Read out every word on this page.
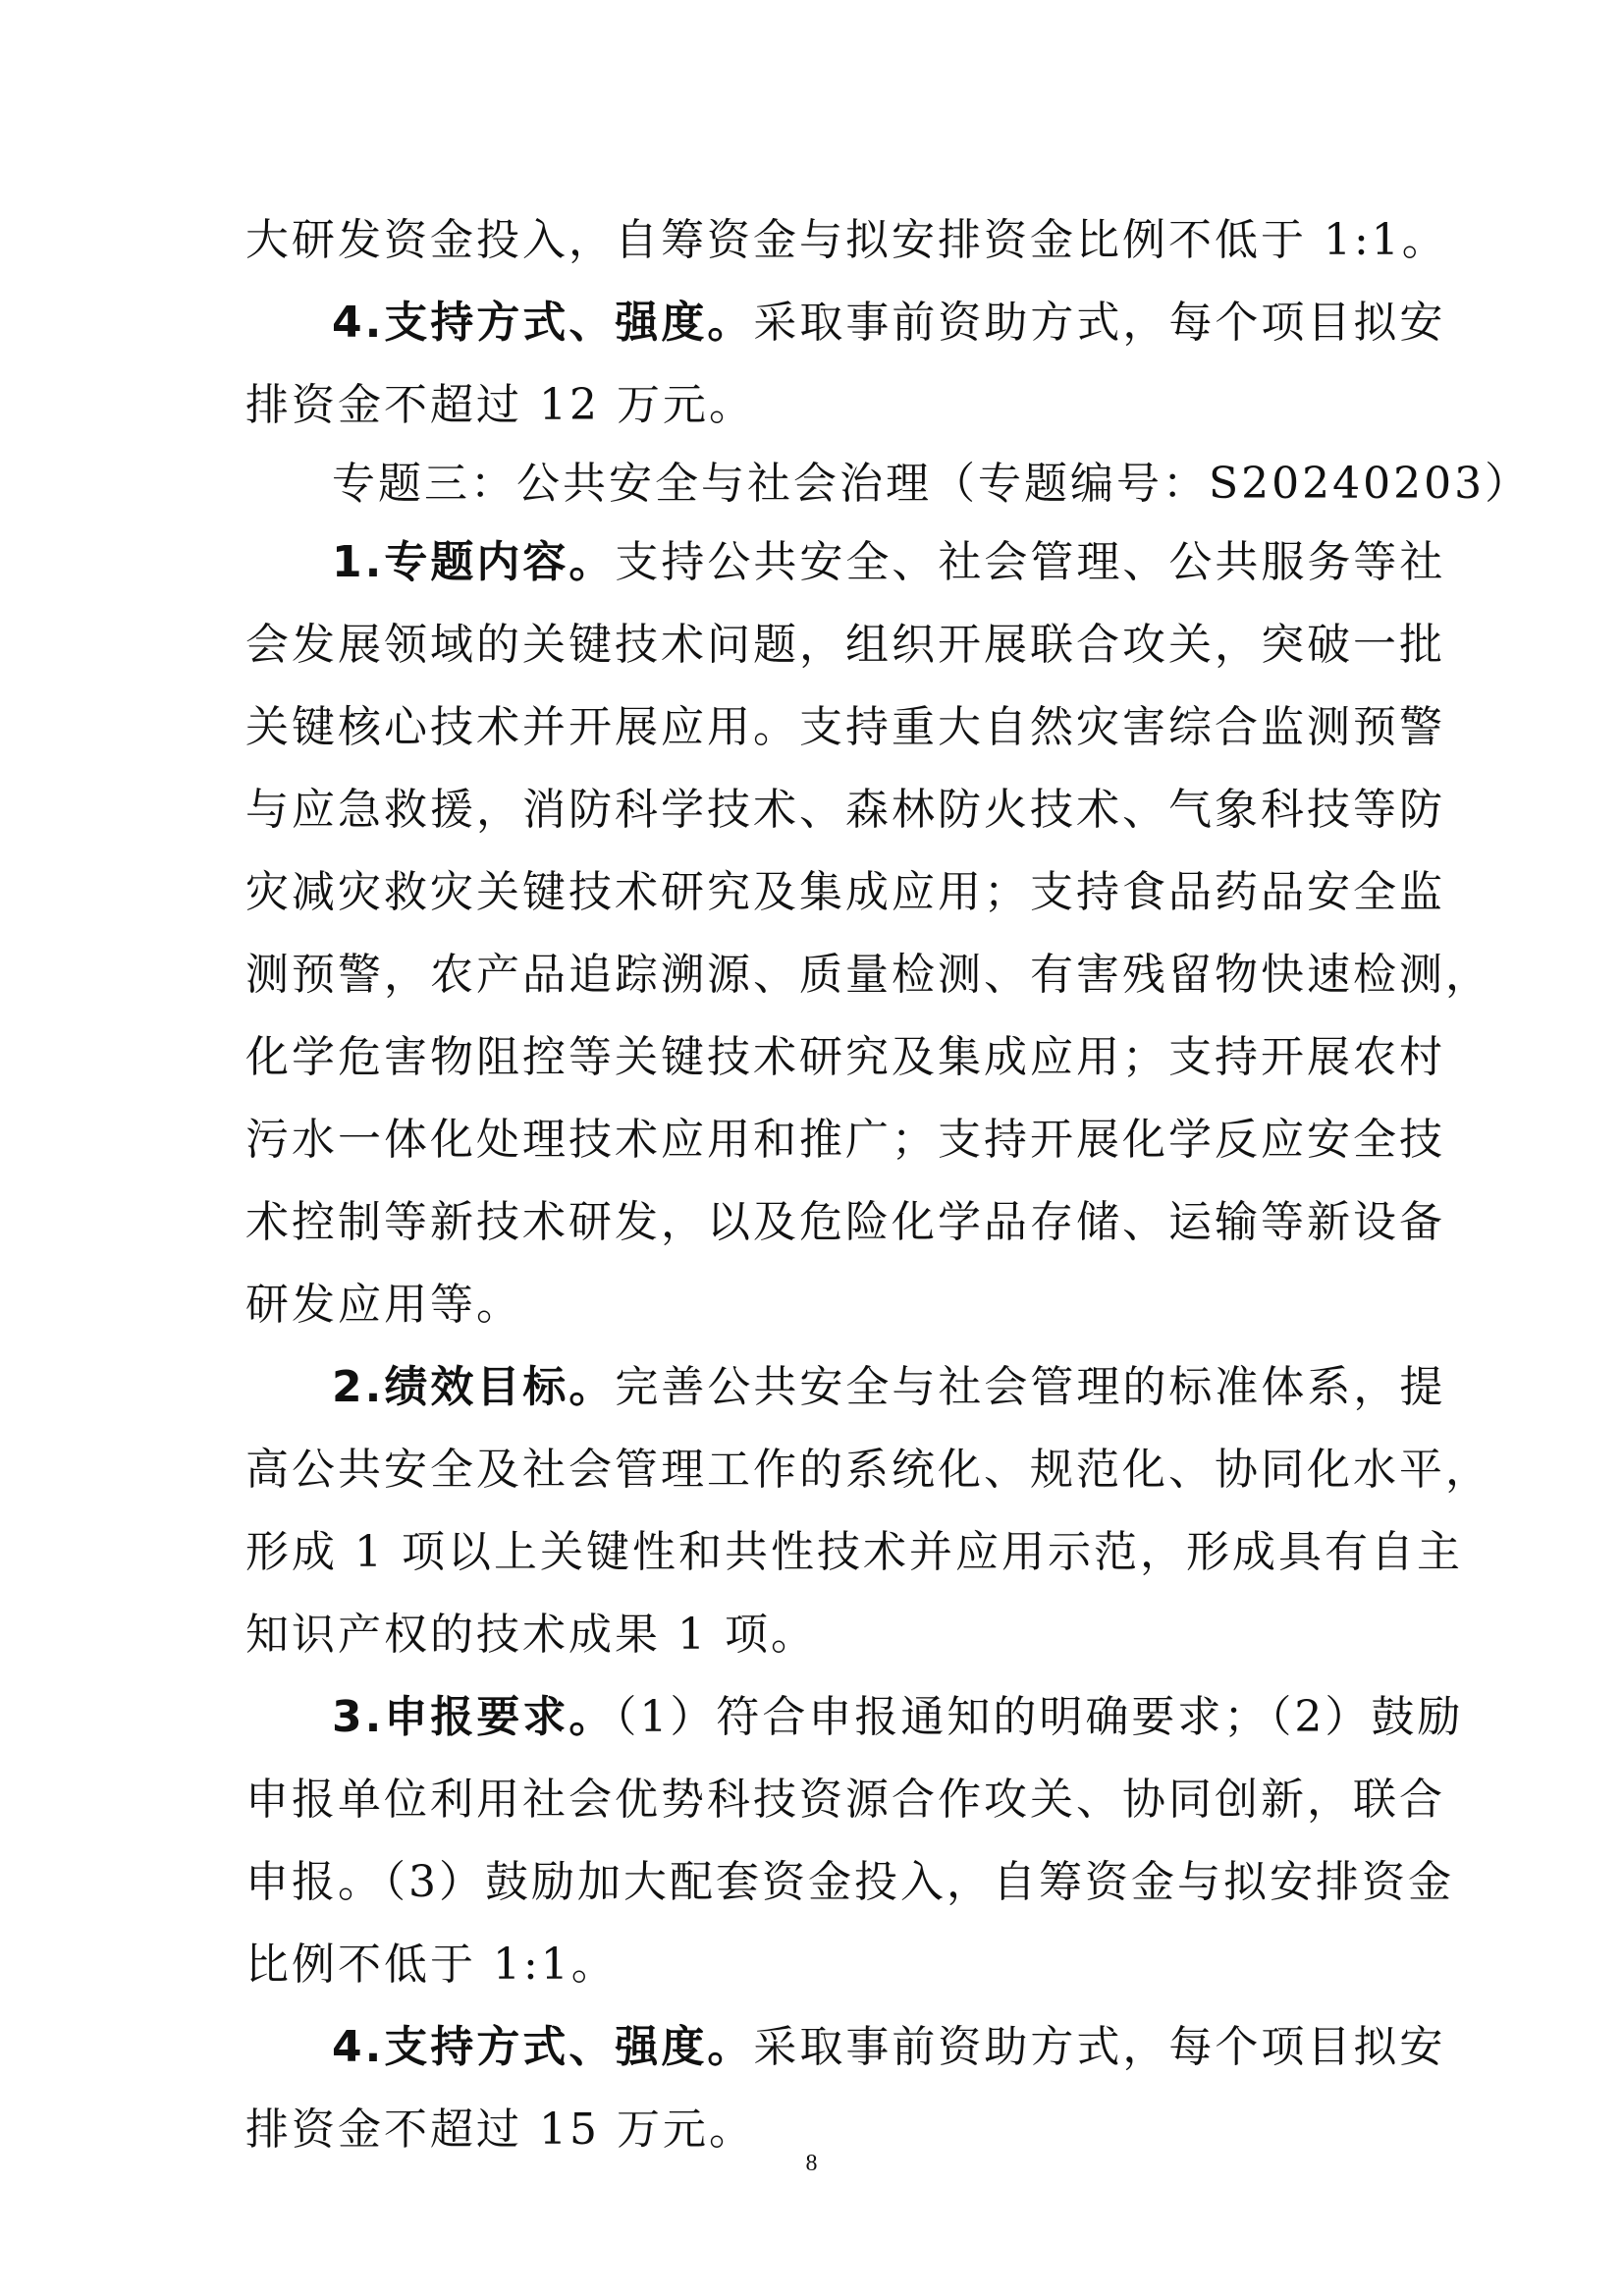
大研发资金投入，自筹资金与拟安排资金比例不低于 1:1。
4.支持方式、强度。采取事前资助方式，每个项目拟安
排资金不超过 12 万元。
专题三：公共安全与社会治理（专题编号：S20240203）
1.专题内容。支持公共安全、社会管理、公共服务等社
会发展领域的关键技术问题，组织开展联合攻关，突破一批
关键核心技术并开展应用。支持重大自然灾害综合监测预警
与应急救援，消防科学技术、森林防火技术、气象科技等防
灾减灾救灾关键技术研究及集成应用；支持食品药品安全监
测预警，农产品追踪溯源、质量检测、有害残留物快速检测，
化学危害物阻控等关键技术研究及集成应用；支持开展农村
污水一体化处理技术应用和推广；支持开展化学反应安全技
术控制等新技术研发，以及危险化学品存储、运输等新设备
研发应用等。
2.绩效目标。完善公共安全与社会管理的标准体系，提
高公共安全及社会管理工作的系统化、规范化、协同化水平，
形成 1 项以上关键性和共性技术并应用示范，形成具有自主
知识产权的技术成果 1 项。
3.申报要求。（1）符合申报通知的明确要求；（2）鼓励
申报单位利用社会优势科技资源合作攻关、协同创新，联合
申报。（3）鼓励加大配套资金投入，自筹资金与拟安排资金
比例不低于 1:1。
4.支持方式、强度。采取事前资助方式，每个项目拟安
排资金不超过 15 万元。
8
